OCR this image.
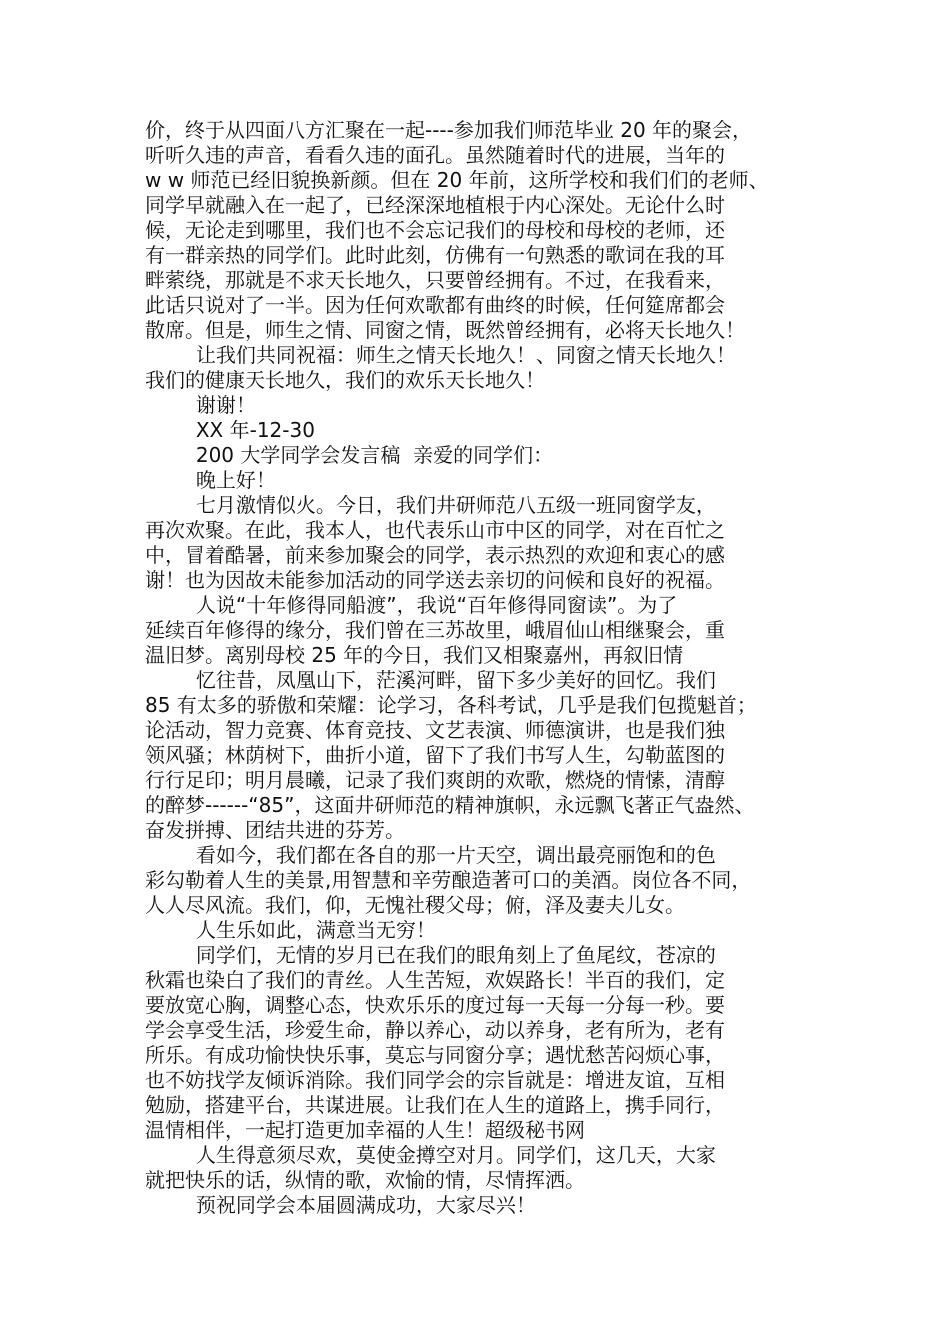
价，终于从四面八方汇聚在一起----参加我们师范毕业 20 年的聚会，

听听久违的声音，看看久违的面孔。虽然随着时代的进展，当年的

w w 师范已经旧貌换新颜。但在 20 年前，这所学校和我们们的老师、

同学早就融入在一起了，已经深深地植根于内心深处。无论什么时

候，无论走到哪里，我们也不会忘记我们的母校和母校的老师，还

有一群亲热的同学们。此时此刻，仿佛有一句熟悉的歌词在我的耳

畔萦绕，那就是不求天长地久，只要曾经拥有。不过，在我看来，

此话只说对了一半。因为任何欢歌都有曲终的时候，任何筵席都会

散席。但是，师生之情、同窗之情，既然曾经拥有，必将天长地久！

让我们共同祝福：师生之情天长地久！、同窗之情天长地久！

我们的健康天长地久，我们的欢乐天长地久！

谢谢！

XX 年-12-30

200 大学同学会发言稿  亲爱的同学们：

晚上好！

七月激情似火。今日，我们井研师范八五级一班同窗学友，

再次欢聚。在此，我本人，也代表乐山市中区的同学，对在百忙之

中，冒着酷暑，前来参加聚会的同学，表示热烈的欢迎和衷心的感

谢！也为因故未能参加活动的同学送去亲切的问候和良好的祝福。

人说“十年修得同船渡”，我说“百年修得同窗读”。为了

延续百年修得的缘分，我们曾在三苏故里，峨眉仙山相继聚会，重

温旧梦。离别母校 25 年的今日，我们又相聚嘉州，再叙旧情

忆往昔，凤凰山下，茫溪河畔，留下多少美好的回忆。我们

85 有太多的骄傲和荣耀：论学习，各科考试，几乎是我们包揽魁首；

论活动，智力竞赛、体育竞技、文艺表演、师德演讲，也是我们独

领风骚；林荫树下，曲折小道，留下了我们书写人生，勾勒蓝图的

行行足印；明月晨曦，记录了我们爽朗的欢歌，燃烧的情愫，清醇

的醉梦------“85”，这面井研师范的精神旗帜，永远飘飞著正气盎然、

奋发拼搏、团结共进的芬芳。

看如今，我们都在各自的那一片天空，调出最亮丽饱和的色

彩勾勒着人生的美景,用智慧和辛劳酿造著可口的美酒。岗位各不同，

人人尽风流。我们，仰，无愧社稷父母；俯，泽及妻夫儿女。

人生乐如此，满意当无穷！

同学们，无情的岁月已在我们的眼角刻上了鱼尾纹，苍凉的

秋霜也染白了我们的青丝。人生苦短，欢娱路长！半百的我们，定

要放宽心胸，调整心态，快欢乐乐的度过每一天每一分每一秒。要

学会享受生活，珍爱生命，静以养心，动以养身，老有所为，老有

所乐。有成功愉快快乐事，莫忘与同窗分享；遇忧愁苦闷烦心事，

也不妨找学友倾诉消除。我们同学会的宗旨就是：增进友谊，互相

勉励，搭建平台，共谋进展。让我们在人生的道路上，携手同行，

温情相伴，一起打造更加幸福的人生！超级秘书网

人生得意须尽欢，莫使金撙空对月。同学们，这几天，大家

就把快乐的话，纵情的歌，欢愉的情，尽情挥洒。

预祝同学会本届圆满成功，大家尽兴！
